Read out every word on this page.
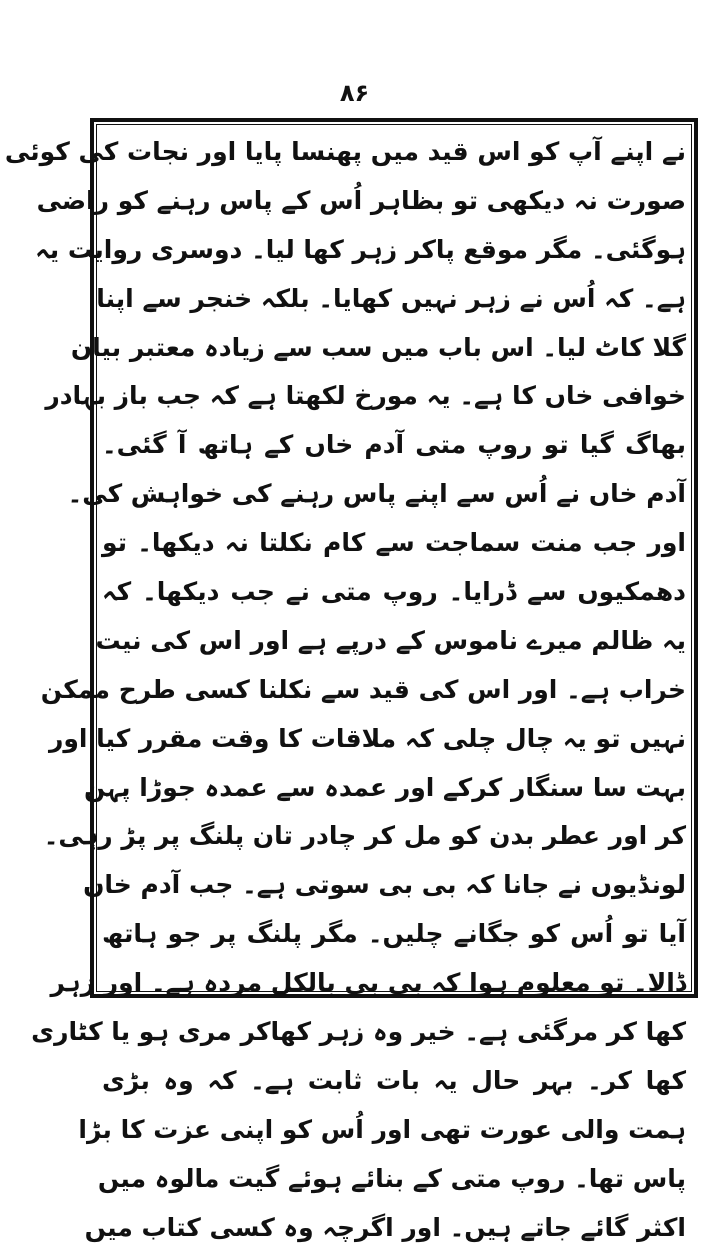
۸۶
نے اپنے آپ کو اس قید میں پھنسا پایا اور نجات کی کوئی
صورت نہ دیکھی تو بظاہر اُس کے پاس رہنے کو راضی
ہوگئی۔ مگر موقع پاکر زہر کھا لیا۔ دوسری روایت یہ
ہے۔ کہ اُس نے زہر نہیں کھایا۔ بلکہ خنجر سے اپنا
گلا کاٹ لیا۔ اس باب میں سب سے زیادہ معتبر بیان
خوافی خاں کا ہے۔ یہ مورخ لکھتا ہے کہ جب باز بہادر
بھاگ گیا تو روپ متی آدم خاں کے ہاتھ آ گئی۔
آدم خاں نے اُس سے اپنے پاس رہنے کی خواہش کی۔
اور جب منت سماجت سے کام نکلتا نہ دیکھا۔ تو
دھمکیوں سے ڈرایا۔ روپ متی نے جب دیکھا۔ کہ
یہ ظالم میرے ناموس کے درپے ہے اور اس کی نیت
خراب ہے۔ اور اس کی قید سے نکلنا کسی طرح ممکن
نہیں تو یہ چال چلی کہ ملاقات کا وقت مقرر کیا اور
بہت سا سنگار کرکے اور عمدہ سے عمدہ جوڑا پہن
کر اور عطر بدن کو مل کر چادر تان پلنگ پر پڑ رہی۔
لونڈیوں نے جانا کہ بی بی سوتی ہے۔ جب آدم خاں
آیا تو اُس کو جگانے چلیں۔ مگر پلنگ پر جو ہاتھ
ڈالا۔ تو معلوم ہوا کہ بی بی بالکل مردہ ہے۔ اور زہر
کھا کر مرگئی ہے۔ خیر وہ زہر کھاکر مری ہو یا کٹاری
کھا کر۔ بہر حال یہ بات ثابت ہے۔ کہ وہ بڑی
ہمت والی عورت تھی اور اُس کو اپنی عزت کا بڑا
پاس تھا۔ روپ متی کے بنائے ہوئے گیت مالوہ میں
اکثر گائے جاتے ہیں۔ اور اگرچہ وہ کسی کتاب میں
